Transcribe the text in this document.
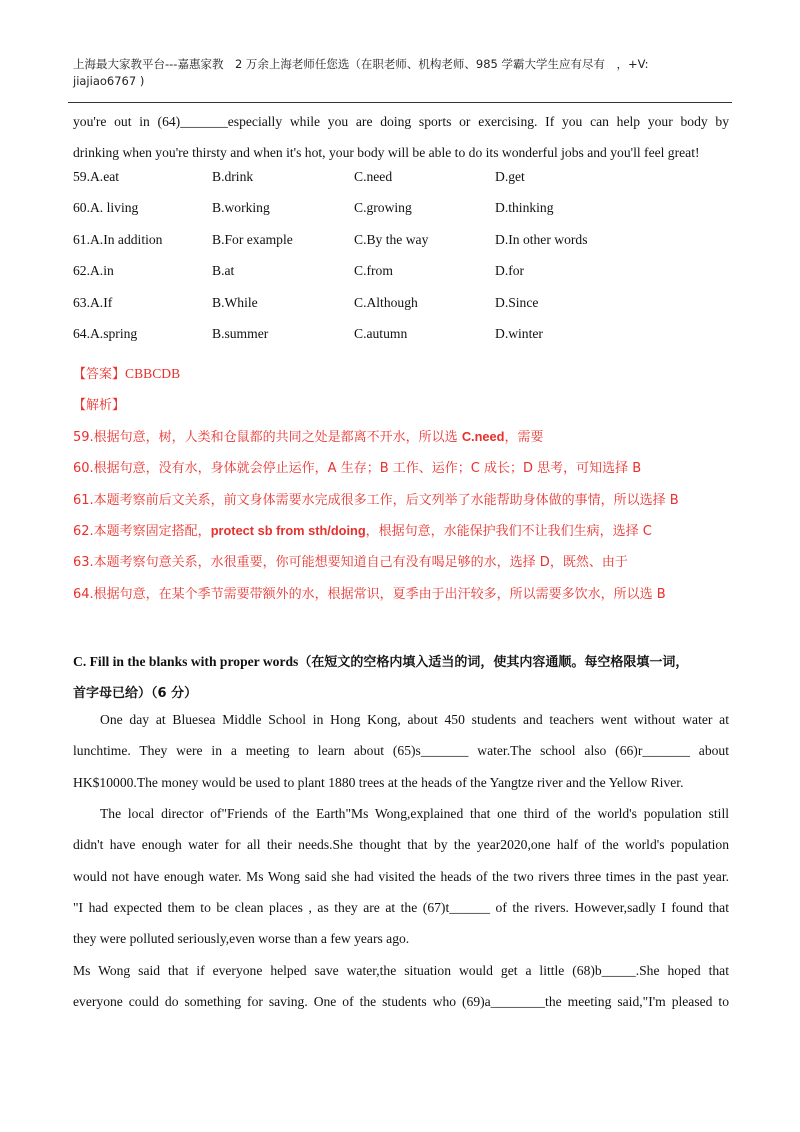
上海最大家教平台---嘉惠家教　2 万余上海老师任您选（在职老师、机构老师、985 学霸大学生应有尽有　，+V:
jiajiao6767 )
you're out in (64)_______especially while you are doing sports or exercising. If you can help your body by
drinking when you're thirsty and when it's hot, your body will be able to do its wonderful jobs and you'll feel great!
59.A.eat	B.drink	C.need	D.get
60.A. living	B.working	C.growing	D.thinking
61.A.In addition	B.For example	C.By the way	D.In other words
62.A.in	B.at	C.from	D.for
63.A.If	B.While	C.Although	D.Since
64.A.spring	B.summer	C.autumn	D.winter
【答案】CBBCDB
【解析】
59.根据句意，树，人类和仓鼠都的共同之处是都离不开水，所以选 C.need，需要
60.根据句意，没有水，身体就会停止运作，A 生存；B 工作、运作；C 成长；D 思考，可知选择 B
61.本题考察前后文关系，前文身体需要水完成很多工作，后文列举了水能帮助身体做的事情，所以选择 B
62.本题考察固定搭配，protect sb from sth/doing，根据句意，水能保护我们不让我们生病，选择 C
63.本题考察句意关系，水很重要，你可能想要知道自己有没有喝足够的水，选择 D，既然、由于
64.根据句意，在某个季节需要带额外的水，根据常识，夏季由于出汗较多，所以需要多饮水，所以选 B
C. Fill in the blanks with proper words（在短文的空格内填入适当的词，使其内容通顺。每空格限填一词，
首字母已给）（6 分）
One day at Bluesea Middle School in Hong Kong, about 450 students and teachers went without water at
lunchtime. They were in a meeting to learn about (65)s_______ water.The school also (66)r_______ about
HK$10000.The money would be used to plant 1880 trees at the heads of the Yangtze river and the Yellow River.
The local director of"Friends of the Earth"Ms Wong,explained that one third of the world's population still
didn't have enough water for all their needs.She thought that by the year2020,one half of the world's population
would not have enough water. Ms Wong said she had visited the heads of the two rivers three times in the past year.
"I had expected them to be clean places , as they are at the (67)t______ of the rivers. However,sadly I found that
they were polluted seriously,even worse than a few years ago.
Ms Wong said that if everyone helped save water,the situation would get a little (68)b_____.She hoped that
everyone could do something for saving. One of the students who (69)a________the meeting said,"I'm pleased to
